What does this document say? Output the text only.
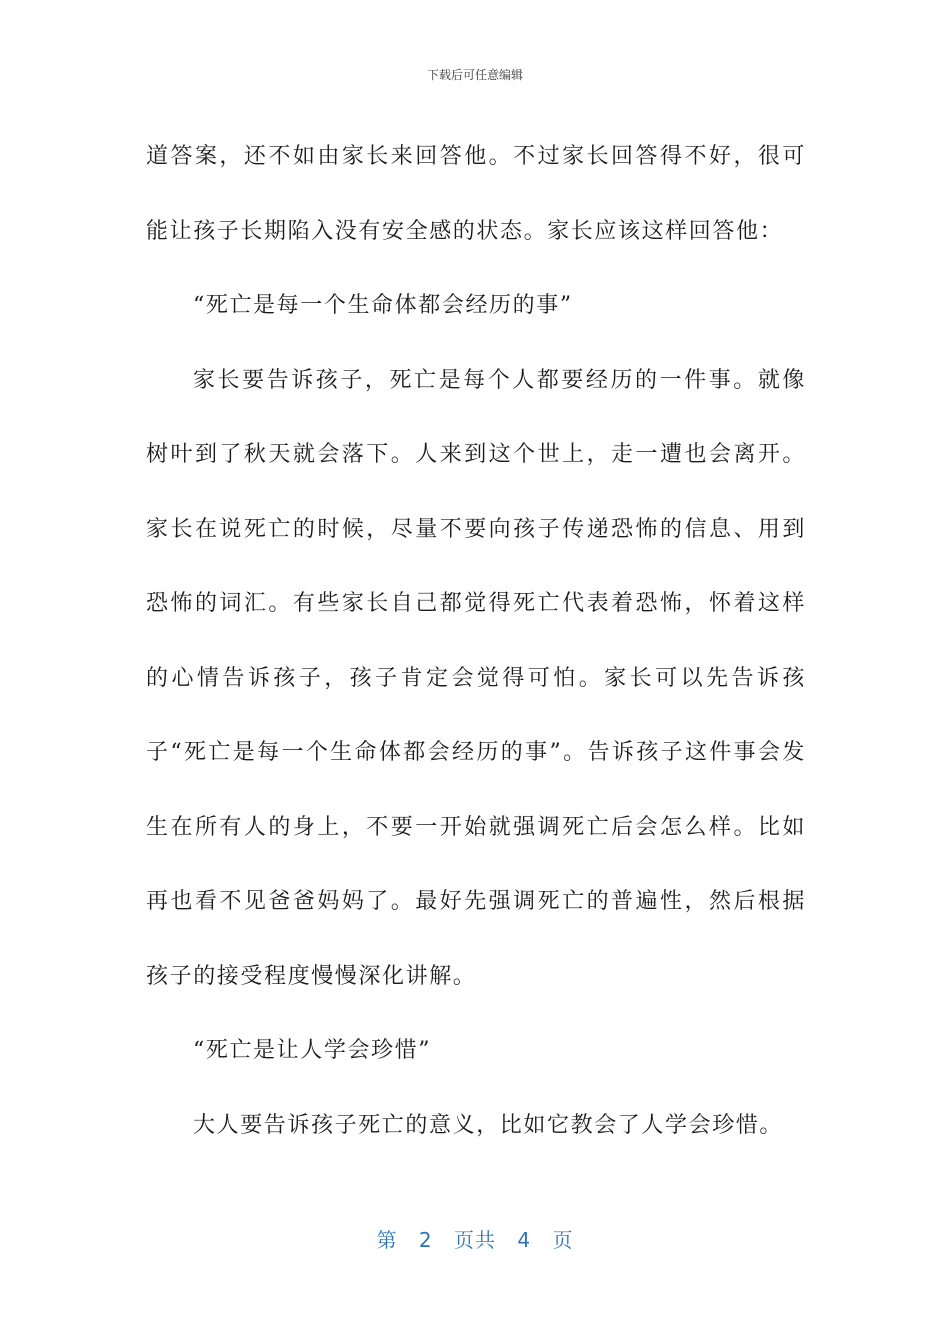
下载后可任意编辑

道答案，还不如由家长来回答他。不过家长回答得不好，很可能让孩子长期陷入没有安全感的状态。家长应该这样回答他：

“死亡是每一个生命体都会经历的事”

家长要告诉孩子，死亡是每个人都要经历的一件事。就像树叶到了秋天就会落下。人来到这个世上，走一遭也会离开。家长在说死亡的时候，尽量不要向孩子传递恐怖的信息、用到恐怖的词汇。有些家长自己都觉得死亡代表着恐怖，怀着这样的心情告诉孩子，孩子肯定会觉得可怕。家长可以先告诉孩子“死亡是每一个生命体都会经历的事”。告诉孩子这件事会发生在所有人的身上，不要一开始就强调死亡后会怎么样。比如再也看不见爸爸妈妈了。最好先强调死亡的普遍性，然后根据孩子的接受程度慢慢深化讲解。

“死亡是让人学会珍惜”

大人要告诉孩子死亡的意义，比如它教会了人学会珍惜。

第 2 页共 4 页
